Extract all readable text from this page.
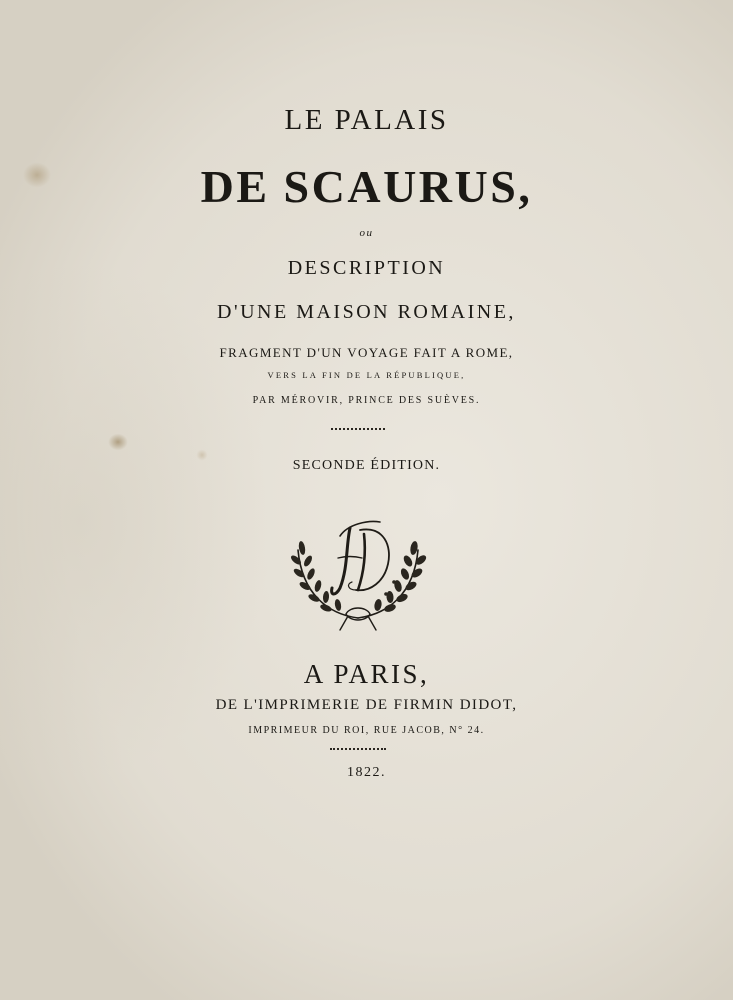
LE PALAIS
DE SCAURUS,
ou
DESCRIPTION
D'UNE MAISON ROMAINE,
FRAGMENT D'UN VOYAGE FAIT A ROME,
VERS LA FIN DE LA RÉPUBLIQUE,
PAR MÉROVIR, PRINCE DES SUÈVES.
SECONDE ÉDITION.
A PARIS,
DE L'IMPRIMERIE DE FIRMIN DIDOT,
IMPRIMEUR DU ROI, RUE JACOB, N° 24.
1822.
